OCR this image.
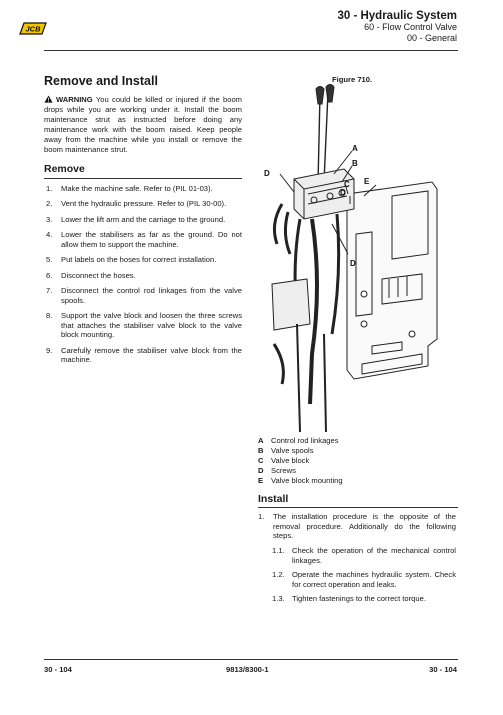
JCB
30 - Hydraulic System
60 - Flow Control Valve
00 - General
Remove and Install
WARNING You could be killed or injured if the boom drops while you are working under it. Install the boom maintenance strut as instructed before doing any maintenance work with the boom raised. Keep people away from the machine while you install or remove the boom maintenance strut.
Remove
1. Make the machine safe. Refer to (PIL 01-03).
2. Vent the hydraulic pressure. Refer to (PIL 30-00).
3. Lower the lift arm and the carriage to the ground.
4. Lower the stabilisers as far as the ground. Do not allow them to support the machine.
5. Put labels on the hoses for correct installation.
6. Disconnect the hoses.
7. Disconnect the control rod linkages from the valve spools.
8. Support the valve block and loosen the three screws that attaches the stabiliser valve block to the valve block mounting.
9. Carefully remove the stabiliser valve block from the machine.
Figure 710.
A
B
C
D
D
D
E
A Control rod linkages
B Valve spools
C Valve block
D Screws
E Valve block mounting
Install
1. The installation procedure is the opposite of the removal procedure. Additionally do the following steps.
1.1. Check the operation of the mechanical control linkages.
1.2. Operate the machines hydraulic system. Check for correct operation and leaks.
1.3. Tighten fastenings to the correct torque.
30 - 104	9813/8300-1	30 - 104
